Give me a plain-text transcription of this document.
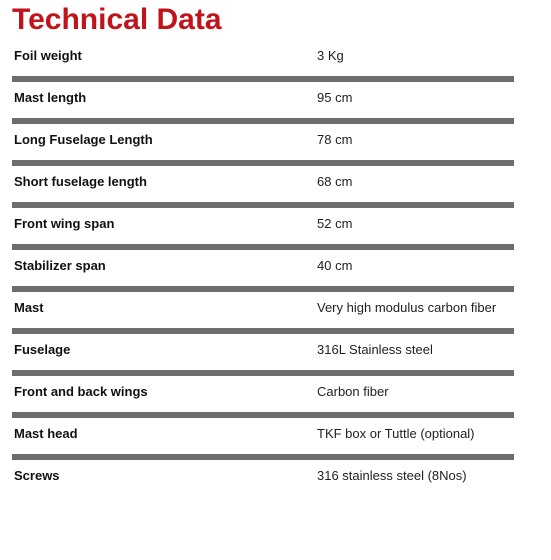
Technical Data
Foil weight	3 Kg
Mast length	95 cm
Long Fuselage Length	78 cm
Short fuselage length	68 cm
Front wing span	52 cm
Stabilizer span	40 cm
Mast	Very high modulus carbon fiber
Fuselage	316L Stainless steel
Front and back wings	Carbon fiber
Mast head	TKF box or Tuttle (optional)
Screws	316 stainless steel (8Nos)
